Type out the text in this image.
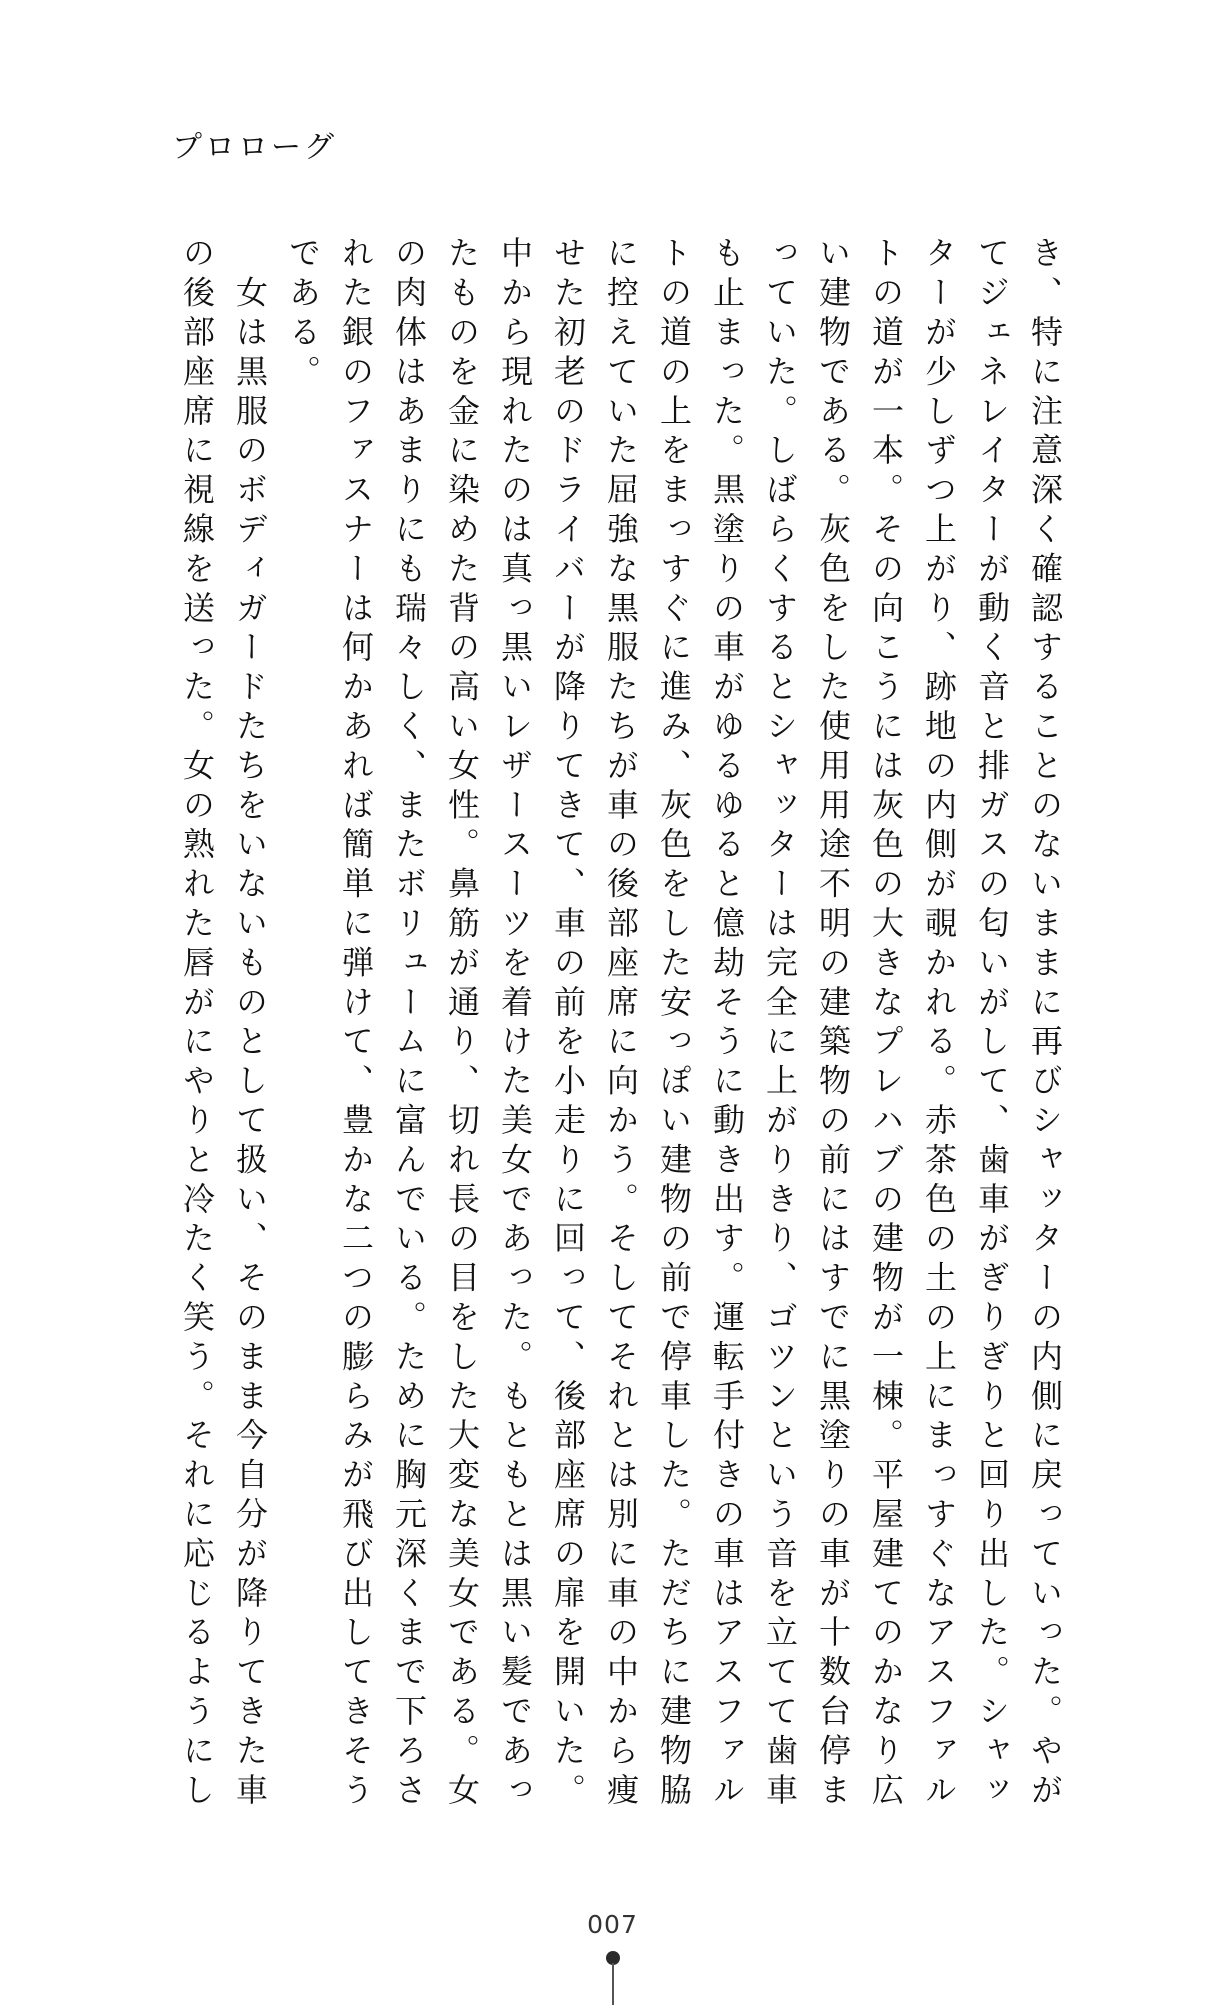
プロローグ
き、特に注意深く確認することのないままに再びシャッターの内側に戻っていった。やが
てジェネレイターが動く音と排ガスの匂いがして、歯車がぎりぎりと回り出した。シャッ
ターが少しずつ上がり、跡地の内側が覗かれる。赤茶色の土の上にまっすぐなアスファル
トの道が一本。その向こうには灰色の大きなプレハブの建物が一棟。平屋建てのかなり広
い建物である。灰色をした使用用途不明の建築物の前にはすでに黒塗りの車が十数台停ま
っていた。しばらくするとシャッターは完全に上がりきり、ゴツンという音を立てて歯車
も止まった。黒塗りの車がゆるゆると億劫そうに動き出す。運転手付きの車はアスファル
トの道の上をまっすぐに進み、灰色をした安っぽい建物の前で停車した。ただちに建物脇
に控えていた屈強な黒服たちが車の後部座席に向かう。そしてそれとは別に車の中から痩
せた初老のドライバーが降りてきて、車の前を小走りに回って、後部座席の扉を開いた。
中から現れたのは真っ黒いレザースーツを着けた美女であった。もともとは黒い髪であっ
たものを金に染めた背の高い女性。鼻筋が通り、切れ長の目をした大変な美女である。女
の肉体はあまりにも瑞々しく、またボリュームに富んでいる。ために胸元深くまで下ろさ
れた銀のファスナーは何かあれば簡単に弾けて、豊かな二つの膨らみが飛び出してきそう
である。
　女は黒服のボディガードたちをいないものとして扱い、そのまま今自分が降りてきた車
の後部座席に視線を送った。女の熟れた唇がにやりと冷たく笑う。それに応じるようにし
007
